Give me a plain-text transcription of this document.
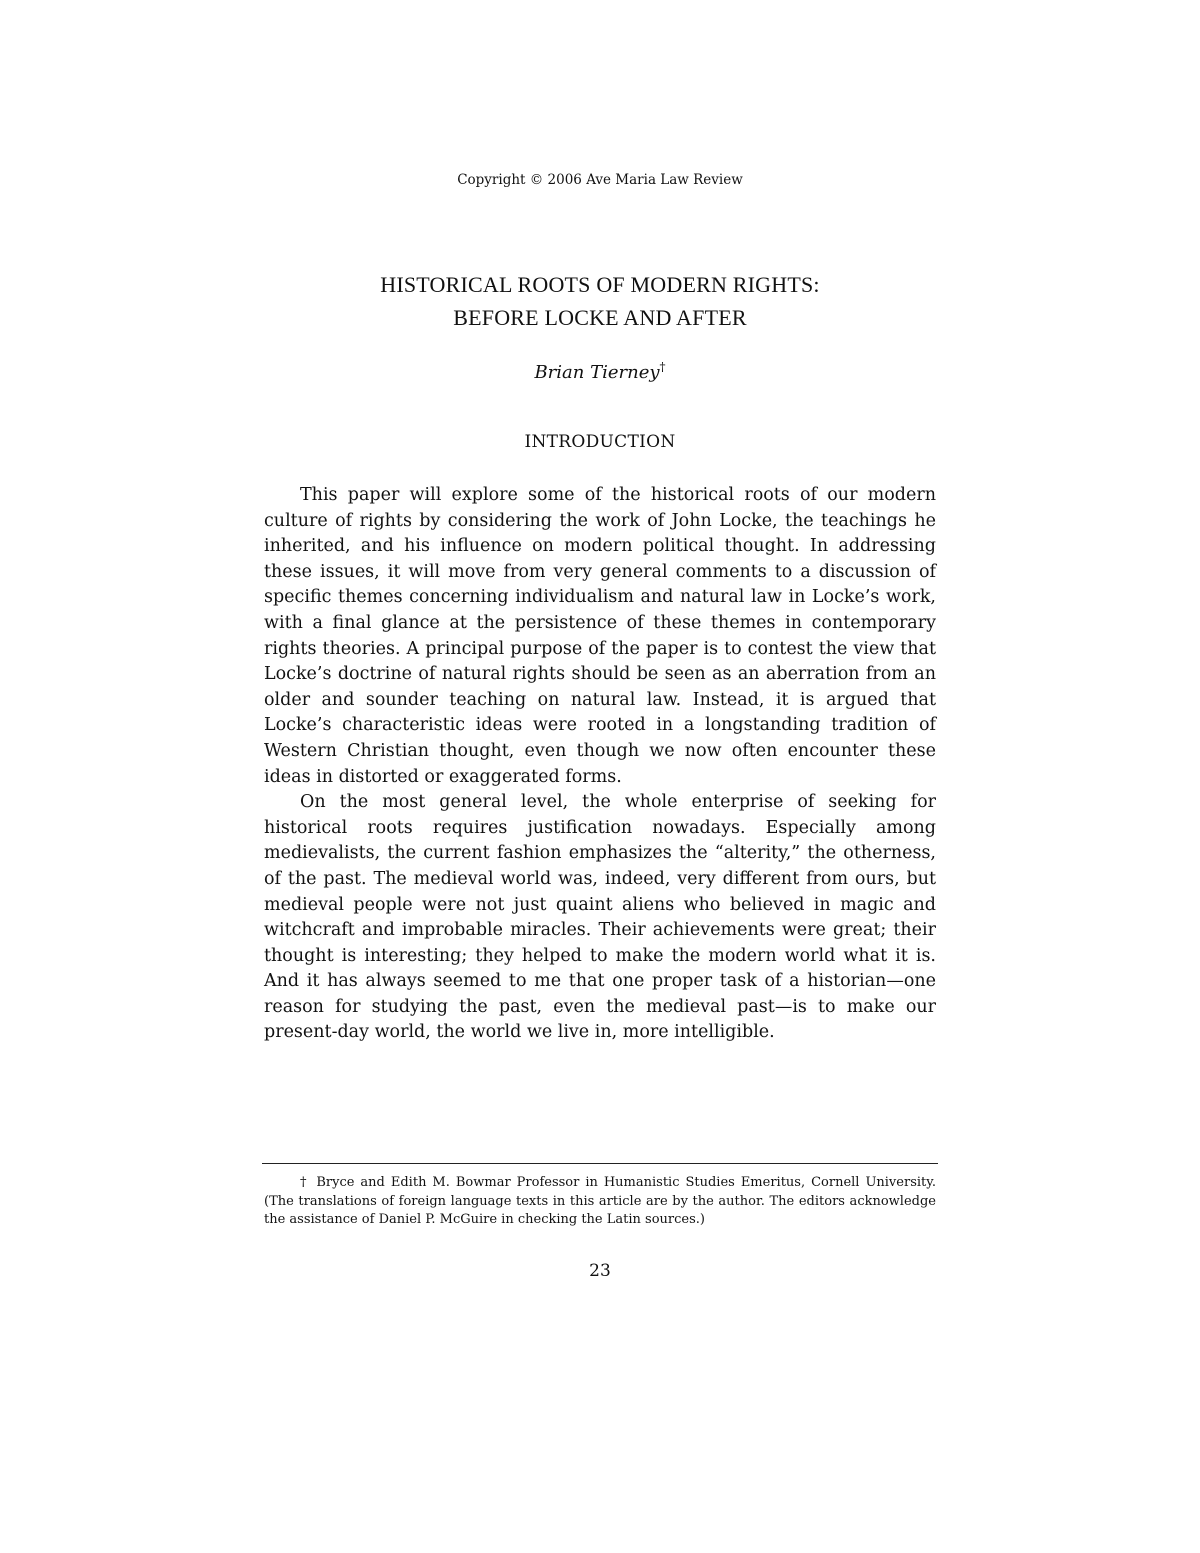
Copyright © 2006 Ave Maria Law Review
HISTORICAL ROOTS OF MODERN RIGHTS:
BEFORE LOCKE AND AFTER
Brian Tierney†
INTRODUCTION

This paper will explore some of the historical roots of our modern culture of rights by considering the work of John Locke, the teachings he inherited, and his influence on modern political thought. In addressing these issues, it will move from very general comments to a discussion of specific themes concerning individualism and natural law in Locke’s work, with a final glance at the persistence of these themes in contemporary rights theories. A principal purpose of the paper is to contest the view that Locke’s doctrine of natural rights should be seen as an aberration from an older and sounder teaching on natural law. Instead, it is argued that Locke’s characteristic ideas were rooted in a longstanding tradition of Western Christian thought, even though we now often encounter these ideas in distorted or exaggerated forms.

On the most general level, the whole enterprise of seeking for historical roots requires justification nowadays. Especially among medievalists, the current fashion emphasizes the “alterity,” the otherness, of the past. The medieval world was, indeed, very different from ours, but medieval people were not just quaint aliens who believed in magic and witchcraft and improbable miracles. Their achievements were great; their thought is interesting; they helped to make the modern world what it is. And it has always seemed to me that one proper task of a historian—one reason for studying the past, even the medieval past—is to make our present-day world, the world we live in, more intelligible.

† Bryce and Edith M. Bowmar Professor in Humanistic Studies Emeritus, Cornell University. (The translations of foreign language texts in this article are by the author. The editors acknowledge the assistance of Daniel P. McGuire in checking the Latin sources.)
23
